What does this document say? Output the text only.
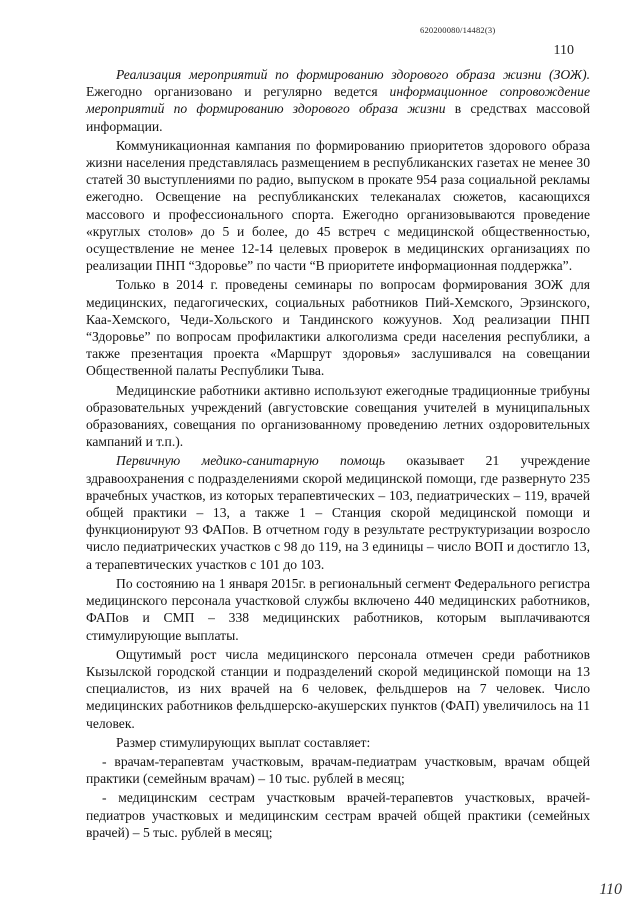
620200080/14482(3)
110

Реализация мероприятий по формированию здорового образа жизни (ЗОЖ). Ежегодно организовано и регулярно ведется информационное сопровождение мероприятий по формированию здорового образа жизни в средствах массовой информации.

Коммуникационная кампания по формированию приоритетов здорового образа жизни населения представлялась размещением в республиканских газетах не менее 30 статей 30 выступлениями по радио, выпуском в прокате 954 раза социальной рекламы ежегодно. Освещение на республиканских телеканалах сюжетов, касающихся массового и профессионального спорта. Ежегодно организовываются проведение «круглых столов» до 5 и более, до 45 встреч с медицинской общественностью, осуществление не менее 12-14 целевых проверок в медицинских организациях по реализации ПНП “Здоровье” по части “В приоритете информационная поддержка”.

Только в 2014 г. проведены семинары по вопросам формирования ЗОЖ для медицинских, педагогических, социальных работников Пий-Хемского, Эрзинского, Каа-Хемского, Чеди-Хольского и Тандинского кожуунов. Ход реализации ПНП “Здоровье” по вопросам профилактики алкоголизма среди населения республики, а также презентация проекта «Маршрут здоровья» заслушивался на совещании Общественной палаты Республики Тыва.

Медицинские работники активно используют ежегодные традиционные трибуны образовательных учреждений (августовские совещания учителей в муниципальных образованиях, совещания по организованному проведению летних оздоровительных кампаний и т.п.).

Первичную медико-санитарную помощь оказывает 21 учреждение здравоохранения с подразделениями скорой медицинской помощи, где развернуто 235 врачебных участков, из которых терапевтических – 103, педиатрических – 119, врачей общей практики – 13, а также 1 – Станция скорой медицинской помощи и функционируют 93 ФАПов. В отчетном году в результате реструктуризации возросло число педиатрических участков с 98 до 119, на 3 единицы – число ВОП и достигло 13, а терапевтических участков с 101 до 103.

По состоянию на 1 января 2015г. в региональный сегмент Федерального регистра медицинского персонала участковой службы включено 440 медицинских работников, ФАПов и СМП – 338 медицинских работников, которым выплачиваются стимулирующие выплаты.

Ощутимый рост числа медицинского персонала отмечен среди работников Кызылской городской станции и подразделений скорой медицинской помощи на 13 специалистов, из них врачей на 6 человек, фельдшеров на 7 человек. Число медицинских работников фельдшерско-акушерских пунктов (ФАП) увеличилось на 11 человек.

Размер стимулирующих выплат составляет:

- врачам-терапевтам участковым, врачам-педиатрам участковым, врачам общей практики (семейным врачам) – 10 тыс. рублей в месяц;

- медицинским сестрам участковым врачей-терапевтов участковых, врачей-педиатров участковых и медицинским сестрам врачей общей практики (семейных врачей) – 5 тыс. рублей в месяц;

110
